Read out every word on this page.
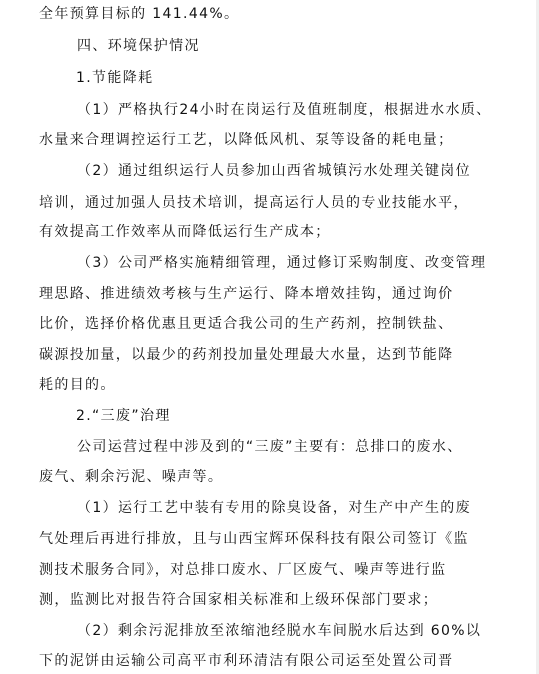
全年预算目标的 141.44%。
四、环境保护情况
1.节能降耗
（1）严格执行24小时在岗运行及值班制度，根据进水水质、
水量来合理调控运行工艺，以降低风机、泵等设备的耗电量；
（2）通过组织运行人员参加山西省城镇污水处理关键岗位
培训，通过加强人员技术培训，提高运行人员的专业技能水平，
有效提高工作效率从而降低运行生产成本；
（3）公司严格实施精细管理，通过修订采购制度、改变管理
理思路、推进绩效考核与生产运行、降本增效挂钩，通过询价
比价，选择价格优惠且更适合我公司的生产药剂，控制铁盐、
碳源投加量，以最少的药剂投加量处理最大水量，达到节能降
耗的目的。
2.“三废”治理
公司运营过程中涉及到的“三废”主要有：总排口的废水、
废气、剩余污泥、噪声等。
（1）运行工艺中装有专用的除臭设备，对生产中产生的废
气处理后再进行排放，且与山西宝辉环保科技有限公司签订《监
测技术服务合同》，对总排口废水、厂区废气、噪声等进行监
测，监测比对报告符合国家相关标准和上级环保部门要求；
（2）剩余污泥排放至浓缩池经脱水车间脱水后达到 60%以
下的泥饼由运输公司高平市利环清洁有限公司运至处置公司晋
